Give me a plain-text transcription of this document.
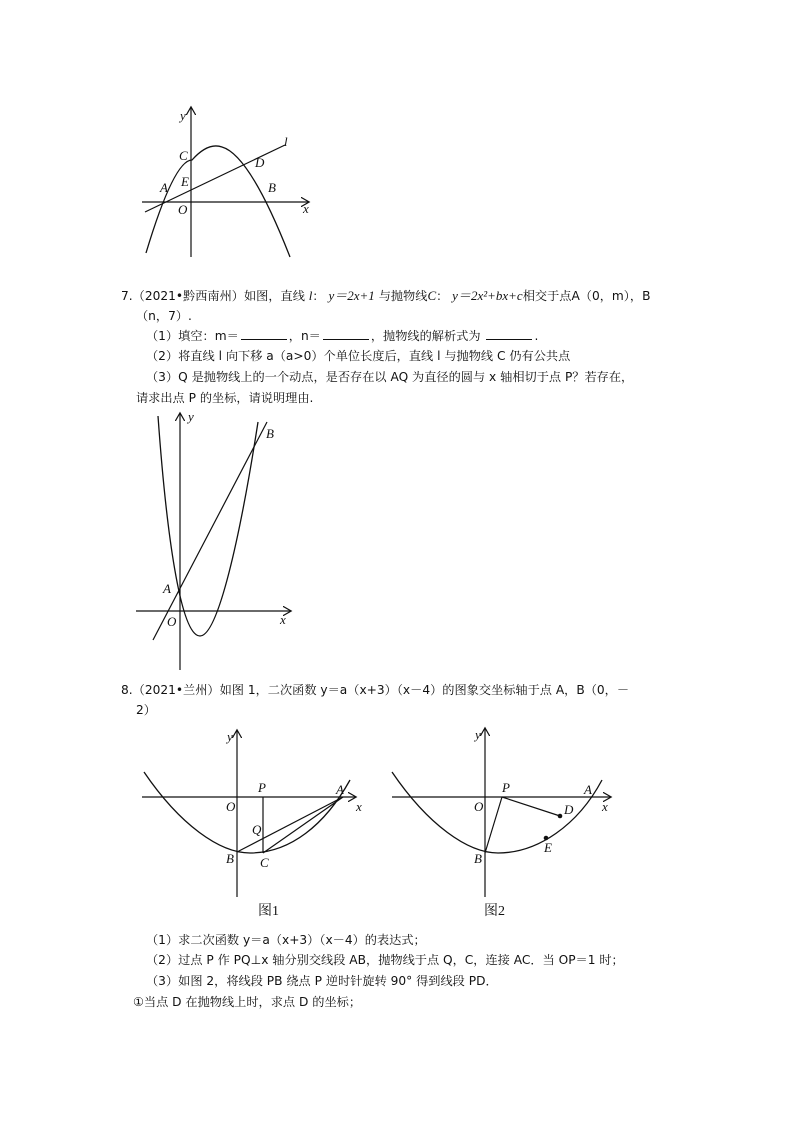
y
l
C	D
A E	B
O	x
7.（2021•黔西南州）如图，直线 l： y＝2x+1 与抛物线C： y＝2x²+bx+c相交于点A（0，m），B
（n，7）.
（1）填空：m＝	，n＝	，抛物线的解析式为	.
（2）将直线 l 向下移 a（a>0）个单位长度后，直线 l 与抛物线 C 仍有公共点
（3）Q 是抛物线上的一个动点，是否存在以 AQ 为直径的圆与 x 轴相切于点 P？若存在，
请求出点 P 的坐标，请说明理由.
y
B
A
O	x
8.（2021•兰州）如图 1，二次函数 y＝a（x+3）（x－4）的图象交坐标轴于点 A，B（0，－
2）
y
P	A
O	x
Q
B C
图1
y
P	A
O	x
D
E
B
图2
（1）求二次函数 y＝a（x+3）（x－4）的表达式；
（2）过点 P 作 PQ⊥x 轴分别交线段 AB，抛物线于点 Q，C，连接 AC．当 OP＝1 时；
（3）如图 2，将线段 PB 绕点 P 逆时针旋转 90° 得到线段 PD．
①当点 D 在抛物线上时，求点 D 的坐标；
